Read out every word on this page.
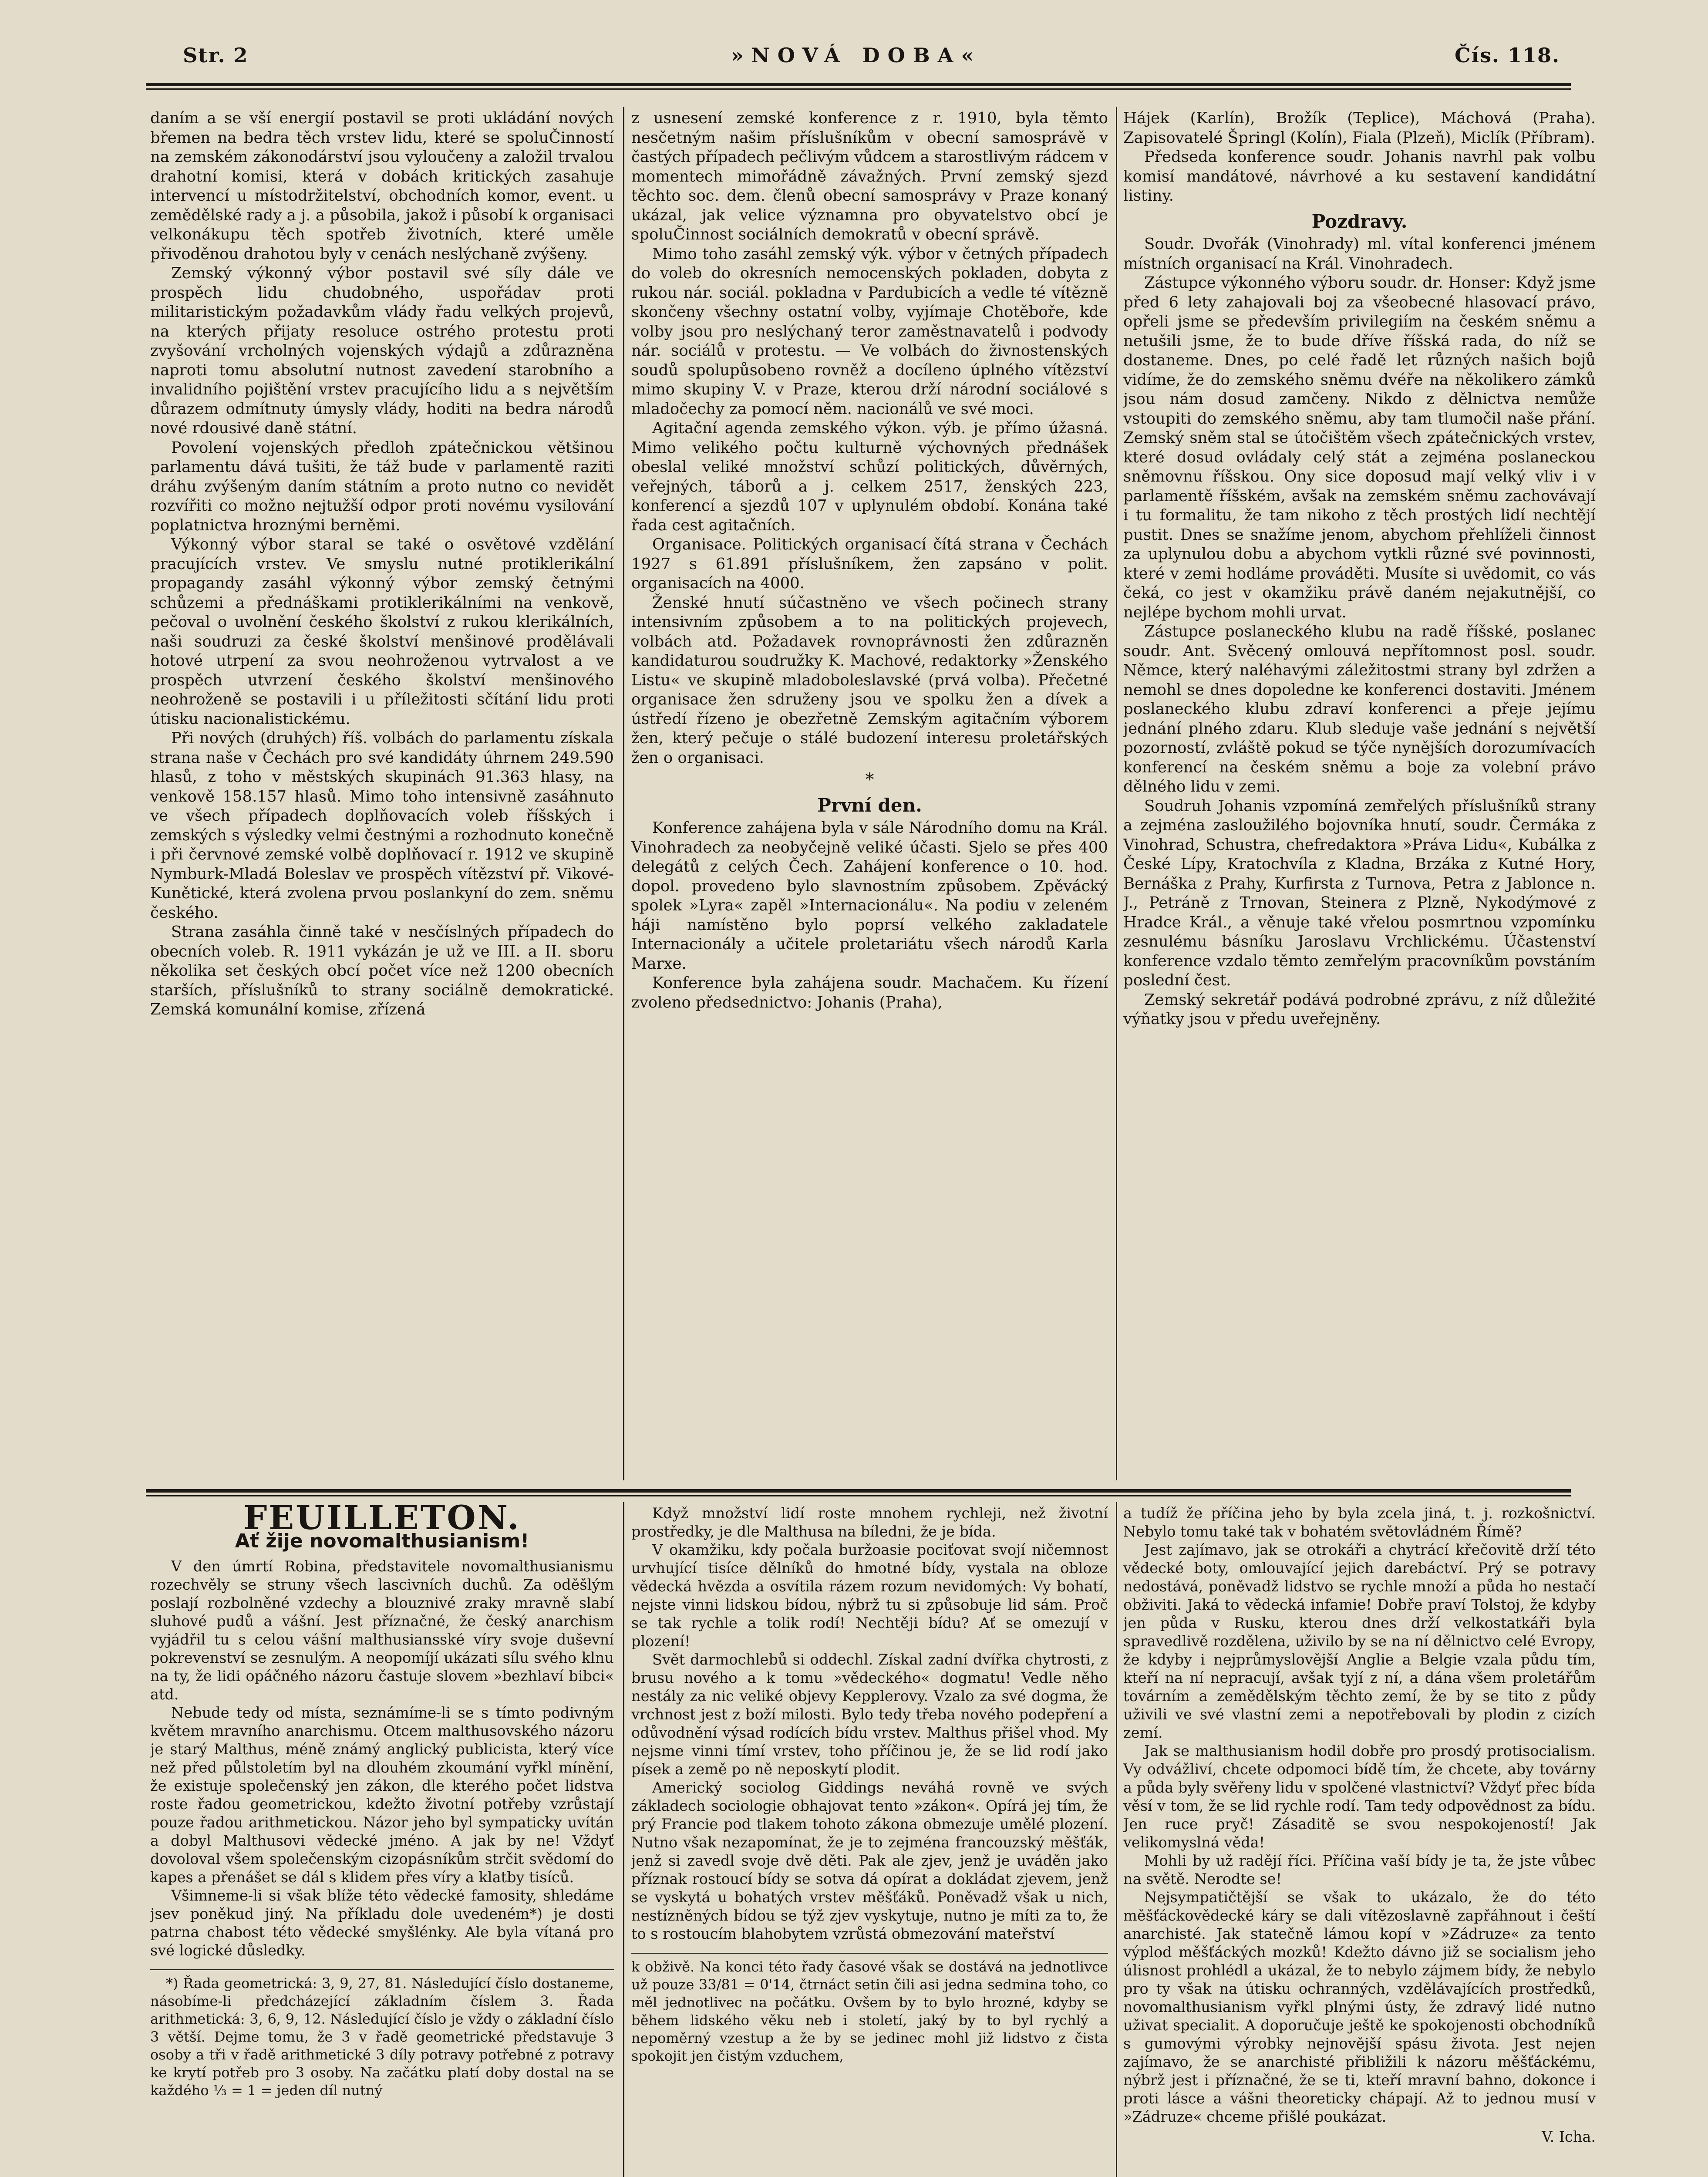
Str. 2	»NOVÁ DOBA«	Čís. 118.

daním a se vší energií postavil se proti ukládání nových břemen na bedra těch vrstev lidu, které se spoluČinností na zemském zákonodárství jsou vyloučeny a založil trvalou drahotní komisi, která v dobách kritických zasahuje intervencí u místodržitelství, obchodních komor, event. u zemědělské rady a j. a působila, jakož i působí k organisaci velkonákupu těch spotřeb životních, které uměle přivoděnou drahotou byly v cenách neslýchaně zvýšeny.

Zemský výkonný výbor postavil své síly dále ve prospěch lidu chudobného, uspořádav proti militaristickým požadavkům vlády řadu velkých projevů, na kterých přijaty resoluce ostrého protestu proti zvyšování vrcholných vojenských výdajů a zdůrazněna naproti tomu absolutní nutnost zavedení starobního a invalidního pojištění vrstev pracujícího lidu a s největším důrazem odmítnuty úmysly vlády, hoditi na bedra národů nové rdousivé daně státní.

Povolení vojenských předloh zpátečnickou většinou parlamentu dává tušiti, že táž bude v parlamentě raziti dráhu zvýšeným daním státním a proto nutno co nevidět rozvířiti co možno nejtužší odpor proti novému vysilování poplatnictva hroznými berněmi.

Výkonný výbor staral se také o osvětové vzdělání pracujících vrstev. Ve smyslu nutné protiklerikální propagandy zasáhl výkonný výbor zemský četnými schůzemi a přednáškami protiklerikálními na venkově, pečoval o uvolnění českého školství z rukou klerikálních, naši soudruzi za české školství menšinové prodělávali hotové utrpení za svou neohroženou vytrvalost a ve prospěch utvrzení českého školství menšinového neohroženě se postavili i u příležitosti sčítání lidu proti útisku nacionalistickému.

Při nových (druhých) říš. volbách do parlamentu získala strana naše v Čechách pro své kandidáty úhrnem 249.590 hlasů, z toho v městských skupinách 91.363 hlasy, na venkově 158.157 hlasů. Mimo toho intensivně zasáhnuto ve všech případech doplňovacích voleb říšských i zemských s výsledky velmi čestnými a rozhodnuto konečně i při červnové zemské volbě doplňovací r. 1912 ve skupině Nymburk-Mladá Boleslav ve prospěch vítězství př. Vikové-Kunětické, která zvolena prvou poslankyní do zem. sněmu českého.

Strana zasáhla činně také v nesčíslných případech do obecních voleb. R. 1911 vykázán je už ve III. a II. sboru několika set českých obcí počet více než 1200 obecních starších, příslušníků to strany sociálně demokratické. Zemská komunální komise, zřízená

z usnesení zemské konference z r. 1910, byla těmto nesčetným našim příslušníkům v obecní samosprávě v častých případech pečlivým vůdcem a starostlivým rádcem v momentech mimořádně závažných. První zemský sjezd těchto soc. dem. členů obecní samosprávy v Praze konaný ukázal, jak velice významna pro obyvatelstvo obcí je spoluČinnost sociálních demokratů v obecní správě.

Mimo toho zasáhl zemský výk. výbor v četných případech do voleb do okresních nemocenských pokladen, dobyta z rukou nár. sociál. pokladna v Pardubicích a vedle té vítězně skončeny všechny ostatní volby, vyjímaje Chotěboře, kde volby jsou pro neslýchaný teror zaměstnavatelů i podvody nár. sociálů v protestu. — Ve volbách do živnostenských soudů spolupůsobeno rovněž a docíleno úplného vítězství mimo skupiny V. v Praze, kterou drží národní sociálové s mladočechy za pomocí něm. nacionálů ve své moci.

Agitační agenda zemského výkon. výb. je přímo úžasná. Mimo velikého počtu kulturně výchovných přednášek obeslal veliké množství schůzí politických, důvěrných, veřejných, táborů a j. celkem 2517, ženských 223, konferencí a sjezdů 107 v uplynulém období. Konána také řada cest agitačních.

Organisace. Politických organisací čítá strana v Čechách 1927 s 61.891 příslušníkem, žen zapsáno v polit. organisacích na 4000.

Ženské hnutí súčastněno ve všech počinech strany intensivním způsobem a to na politických projevech, volbách atd. Požadavek rovnoprávnosti žen zdůrazněn kandidaturou soudružky K. Machové, redaktorky »Ženského Listu« ve skupině mladoboleslavské (prvá volba). Přečetné organisace žen sdruženy jsou ve spolku žen a dívek a ústředí řízeno je obezřetně Zemským agitačním výborem žen, který pečuje o stálé budození interesu proletářských žen o organisaci.

*
První den.

Konference zahájena byla v sále Národního domu na Král. Vinohradech za neobyčejně veliké účasti. Sjelo se přes 400 delegátů z celých Čech. Zahájení konference o 10. hod. dopol. provedeno bylo slavnostním způsobem. Zpěvácký spolek »Lyra« zapěl »Internacionálu«. Na podiu v zeleném háji namístěno bylo poprsí velkého zakladatele Internacionály a učitele proletariátu všech národů Karla Marxe.

Konference byla zahájena soudr. Machačem. Ku řízení zvoleno předsednictvo: Johanis (Praha),

Hájek (Karlín), Brožík (Teplice), Máchová (Praha). Zapisovatelé Špringl (Kolín), Fiala (Plzeň), Miclík (Příbram).

Předseda konference soudr. Johanis navrhl pak volbu komisí mandátové, návrhové a ku sestavení kandidátní listiny.

Pozdravy.

Soudr. Dvořák (Vinohrady) ml. vítal konferenci jménem místních organisací na Král. Vinohradech.

Zástupce výkonného výboru soudr. dr. Honser: Když jsme před 6 lety zahajovali boj za všeobecné hlasovací právo, opřeli jsme se především privilegiím na českém sněmu a netušili jsme, že to bude dříve říšská rada, do níž se dostaneme. Dnes, po celé řadě let různých našich bojů vidíme, že do zemského sněmu dvéře na několikero zámků jsou nám dosud zamčeny. Nikdo z dělnictva nemůže vstoupiti do zemského sněmu, aby tam tlumočil naše přání. Zemský sněm stal se útočištěm všech zpátečnických vrstev, které dosud ovládaly celý stát a zejména poslaneckou sněmovnu říšskou. Ony sice doposud mají velký vliv i v parlamentě říšském, avšak na zemském sněmu zachovávají i tu formalitu, že tam nikoho z těch prostých lidí nechtějí pustit. Dnes se snažíme jenom, abychom přehlíželi činnost za uplynulou dobu a abychom vytkli různé své povinnosti, které v zemi hodláme prováděti. Musíte si uvědomit, co vás čeká, co jest v okamžiku právě daném nejakutnější, co nejlépe bychom mohli urvat.

Zástupce poslaneckého klubu na radě říšské, poslanec soudr. Ant. Svěcený omlouvá nepřítomnost posl. soudr. Němce, který naléhavými záležitostmi strany byl zdržen a nemohl se dnes dopoledne ke konferenci dostaviti. Jménem poslaneckého klubu zdraví konferenci a přeje jejímu jednání plného zdaru. Klub sleduje vaše jednání s největší pozorností, zvláště pokud se týče nynějších dorozumívacích konferencí na českém sněmu a boje za volební právo dělného lidu v zemi.

Soudruh Johanis vzpomíná zemřelých příslušníků strany a zejména zasloužilého bojovníka hnutí, soudr. Čermáka z Vinohrad, Schustra, chefredaktora »Práva Lidu«, Kubálka z České Lípy, Kratochvíla z Kladna, Brzáka z Kutné Hory, Bernáška z Prahy, Kurfirsta z Turnova, Petra z Jablonce n. J., Petráně z Trnovan, Steinera z Plzně, Nykodýmové z Hradce Král., a věnuje také vřelou posmrtnou vzpomínku zesnulému básníku Jaroslavu Vrchlickému. Účastenství konference vzdalo těmto zemřelým pracovníkům povstáním poslední čest.

Zemský sekretář podává podrobné zprávu, z níž důležité výňatky jsou v předu uveřejněny.

FEUILLETON.
Ať žije novomalthusianism!

V den úmrtí Robina, představitele novomalthusianismu rozechvěly se struny všech lascivních duchů. Za oděšlým poslají rozbolněné vzdechy a blouznivé zraky mravně slabí sluhové pudů a vášní. Jest příznačné, že český anarchism vyjádřil tu s celou vášní malthusiansské víry svoje duševní pokrevenství se zesnulým. A neopomíjí ukázati sílu svého klnu na ty, že lidi opáčného názoru častuje slovem »bezhlaví bibci« atd.

Nebude tedy od místa, seznámíme-li se s tímto podivným květem mravního anarchismu. Otcem malthusovského názoru je starý Malthus, méně známý anglický publicista, který více než před půlstoletím byl na dlouhém zkoumání vyřkl mínění, že existuje společenský jen zákon, dle kterého počet lidstva roste řadou geometrickou, kdežto životní potřeby vzrůstají pouze řadou arithmetickou. Názor jeho byl sympaticky uvítán a dobyl Malthusovi vědecké jméno. A jak by ne! Vždyť dovoloval všem společenským cizopásníkům strčit svědomí do kapes a přenášet se dál s klidem přes víry a klatby tisíců.

Všimneme-li si však blíže této vědecké famosity, shledáme jsev poněkud jiný. Na příkladu dole uvedeném*) je dosti patrna chabost této vědecké smyšlénky. Ale byla vítaná pro své logické důsledky.

*) Řada geometrická: 3, 9, 27, 81. Následující číslo dostaneme, násobíme-li předcházející základním číslem 3. Řada arithmetická: 3, 6, 9, 12. Následující číslo je vždy o základní číslo 3 větší. Dejme tomu, že 3 v řadě geometrické představuje 3 osoby a tři v řadě arithmetické 3 díly potravy potřebné z potravy ke krytí potřeb pro 3 osoby. Na začátku platí doby dostal na se každého ⅓ = 1 = jeden díl nutný

Když množství lidí roste mnohem rychleji, než životní prostředky, je dle Malthusa na bíledni, že je bída.

V okamžiku, kdy počala buržoasie pociťovat svojí ničemnost urvhující tisíce dělníků do hmotné bídy, vystala na obloze vědecká hvězda a osvítila rázem rozum nevidomých: Vy bohatí, nejste vinni lidskou bídou, nýbrž tu si způsobuje lid sám. Proč se tak rychle a tolik rodí! Nechtěji bídu? Ať se omezují v plození!

Svět darmochlebů si oddechl. Získal zadní dvířka chytrosti, z brusu nového a k tomu »vědeckého« dogmatu! Vedle něho nestály za nic veliké objevy Kepplerovy. Vzalo za své dogma, že vrchnost jest z boží milosti. Bylo tedy třeba nového podepření a odůvodnění výsad rodících bídu vrstev. Malthus přišel vhod. My nejsme vinni tímí vrstev, toho příčinou je, že se lid rodí jako písek a země po ně neposkytí plodit.

Americký sociolog Giddings neváhá rovně ve svých základech sociologie obhajovat tento »zákon«. Opírá jej tím, že prý Francie pod tlakem tohoto zákona obmezuje umělé plození. Nutno však nezapomínat, že je to zejména francouzský měšťák, jenž si zavedl svoje dvě děti. Pak ale zjev, jenž je uváděn jako příznak rostoucí bídy se sotva dá opírat a dokládat zjevem, jenž se vyskytá u bohatých vrstev měšťáků. Poněvadž však u nich, nestízněných bídou se týž zjev vyskytuje, nutno je míti za to, že to s rostoucím blahobytem vzrůstá obmezování mateřství

k obživě. Na konci této řady časové však se dostává na jednotlivce už pouze 33/81 = 0'14, čtrnáct setin čili asi jedna sedmina toho, co měl jednotlivec na počátku. Ovšem by to bylo hrozné, kdyby se během lidského věku neb i století, jaký by to byl rychlý a nepoměrný vzestup a že by se jedinec mohl již lidstvo z čista spokojit jen čistým vzduchem,

a tudíž že příčina jeho by byla zcela jiná, t. j. rozkošnictví. Nebylo tomu také tak v bohatém světovládném Římě?

Jest zajímavo, jak se otrokáři a chytrácí křečovitě drží této vědecké boty, omlouvající jejich darebáctví. Prý se potravy nedostává, poněvadž lidstvo se rychle množí a půda ho nestačí obživiti. Jaká to vědecká infamie! Dobře praví Tolstoj, že kdyby jen půda v Rusku, kterou dnes drží velkostatkáři byla spravedlivě rozdělena, uživilo by se na ní dělnictvo celé Evropy, že kdyby i nejprůmyslovější Anglie a Belgie vzala půdu tím, kteří na ní nepracují, avšak tyjí z ní, a dána všem proletářům továrním a zemědělským těchto zemí, že by se tito z půdy uživili ve své vlastní zemi a nepotřebovali by plodin z cizích zemí.

Jak se malthusianism hodil dobře pro prosdý protisocialism. Vy odvážliví, chcete odpomoci bídě tím, že chcete, aby továrny a půda byly svěřeny lidu v spolčené vlastnictví? Vždyť přec bída věsí v tom, že se lid rychle rodí. Tam tedy odpovědnost za bídu. Jen ruce pryč! Zásaditě se svou nespokojeností! Jak velikomyslná věda!

Mohli by už radějí říci. Příčina vaší bídy je ta, že jste vůbec na světě. Nerodte se!

Nejsympatičtější se však to ukázalo, že do této měšťáckovědecké káry se dali vítězoslavně zapřáhnout i čeští anarchisté. Jak statečně lámou kopí v »Zádruze« za tento výplod měšťáckých mozků! Kdežto dávno již se socialism jeho úlisnost prohlédl a ukázal, že to nebylo zájmem bídy, že nebylo pro ty však na útisku ochranných, vzdělávajících prostředků, novomalthusianism vyřkl plnými ústy, že zdravý lidé nutno uživat specialit. A doporučuje ještě ke spokojenosti obchodníků s gumovými výrobky nejnovější spásu života. Jest nejen zajímavo, že se anarchisté přibližili k názoru měšťáckému, nýbrž jest i příznačné, že se ti, kteří mravní bahno, dokonce i proti lásce a vášni theoreticky chápají. Až to jednou musí v »Zádruze« chceme přišlé poukázat.

V. Icha.
